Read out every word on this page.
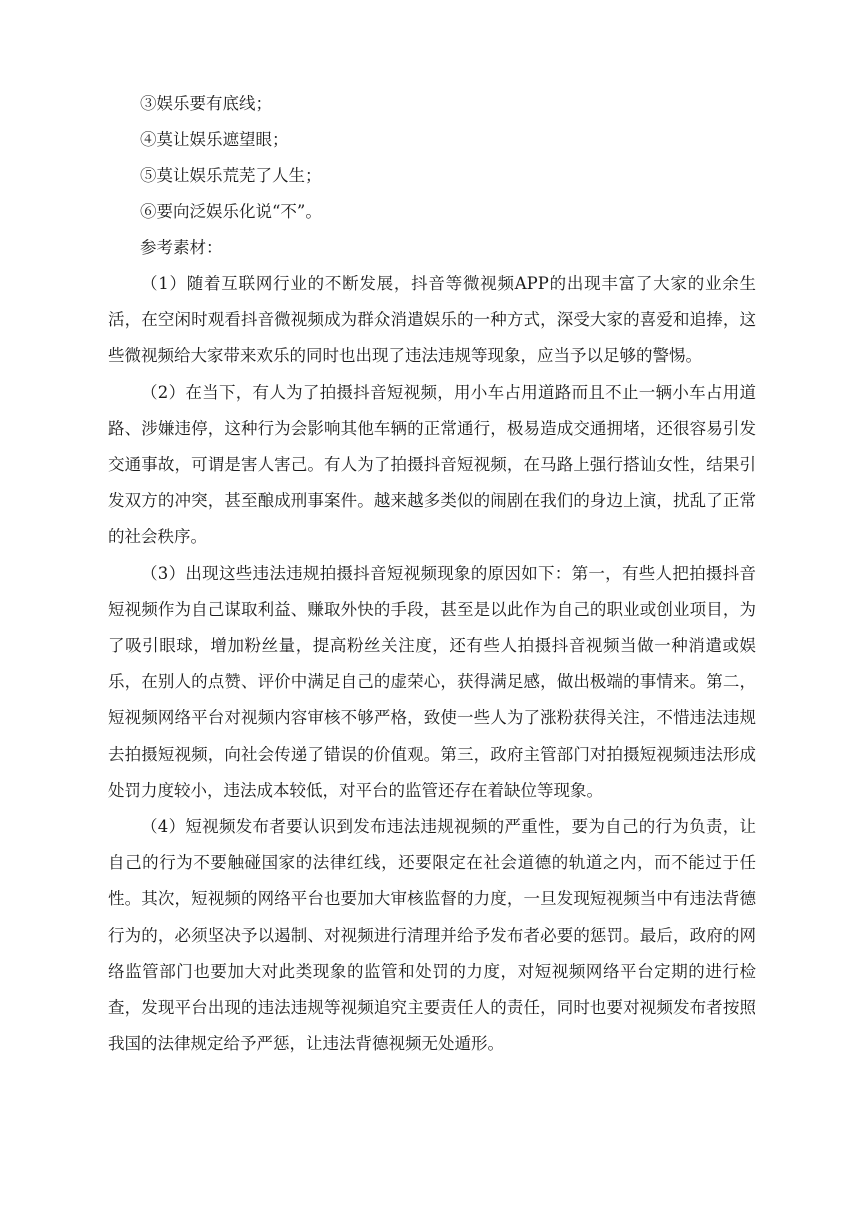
③娱乐要有底线；
④莫让娱乐遮望眼；
⑤莫让娱乐荒芜了人生；
⑥要向泛娱乐化说“不”。
参考素材：

（1）随着互联网行业的不断发展，抖音等微视频APP的出现丰富了大家的业余生活，在空闲时观看抖音微视频成为群众消遣娱乐的一种方式，深受大家的喜爱和追捧，这些微视频给大家带来欢乐的同时也出现了违法违规等现象，应当予以足够的警惕。

（2）在当下，有人为了拍摄抖音短视频，用小车占用道路而且不止一辆小车占用道路、涉嫌违停，这种行为会影响其他车辆的正常通行，极易造成交通拥堵，还很容易引发交通事故，可谓是害人害己。有人为了拍摄抖音短视频，在马路上强行搭讪女性，结果引发双方的冲突，甚至酿成刑事案件。越来越多类似的闹剧在我们的身边上演，扰乱了正常的社会秩序。

（3）出现这些违法违规拍摄抖音短视频现象的原因如下：第一，有些人把拍摄抖音短视频作为自己谋取利益、赚取外快的手段，甚至是以此作为自己的职业或创业项目，为了吸引眼球，增加粉丝量，提高粉丝关注度，还有些人拍摄抖音视频当做一种消遣或娱乐，在别人的点赞、评价中满足自己的虚荣心，获得满足感，做出极端的事情来。第二，短视频网络平台对视频内容审核不够严格，致使一些人为了涨粉获得关注，不惜违法违规去拍摄短视频，向社会传递了错误的价值观。第三，政府主管部门对拍摄短视频违法形成处罚力度较小，违法成本较低，对平台的监管还存在着缺位等现象。

（4）短视频发布者要认识到发布违法违规视频的严重性，要为自己的行为负责，让自己的行为不要触碰国家的法律红线，还要限定在社会道德的轨道之内，而不能过于任性。其次，短视频的网络平台也要加大审核监督的力度，一旦发现短视频当中有违法背德行为的，必须坚决予以遏制、对视频进行清理并给予发布者必要的惩罚。最后，政府的网络监管部门也要加大对此类现象的监管和处罚的力度，对短视频网络平台定期的进行检查，发现平台出现的违法违规等视频追究主要责任人的责任，同时也要对视频发布者按照我国的法律规定给予严惩，让违法背德视频无处遁形。
